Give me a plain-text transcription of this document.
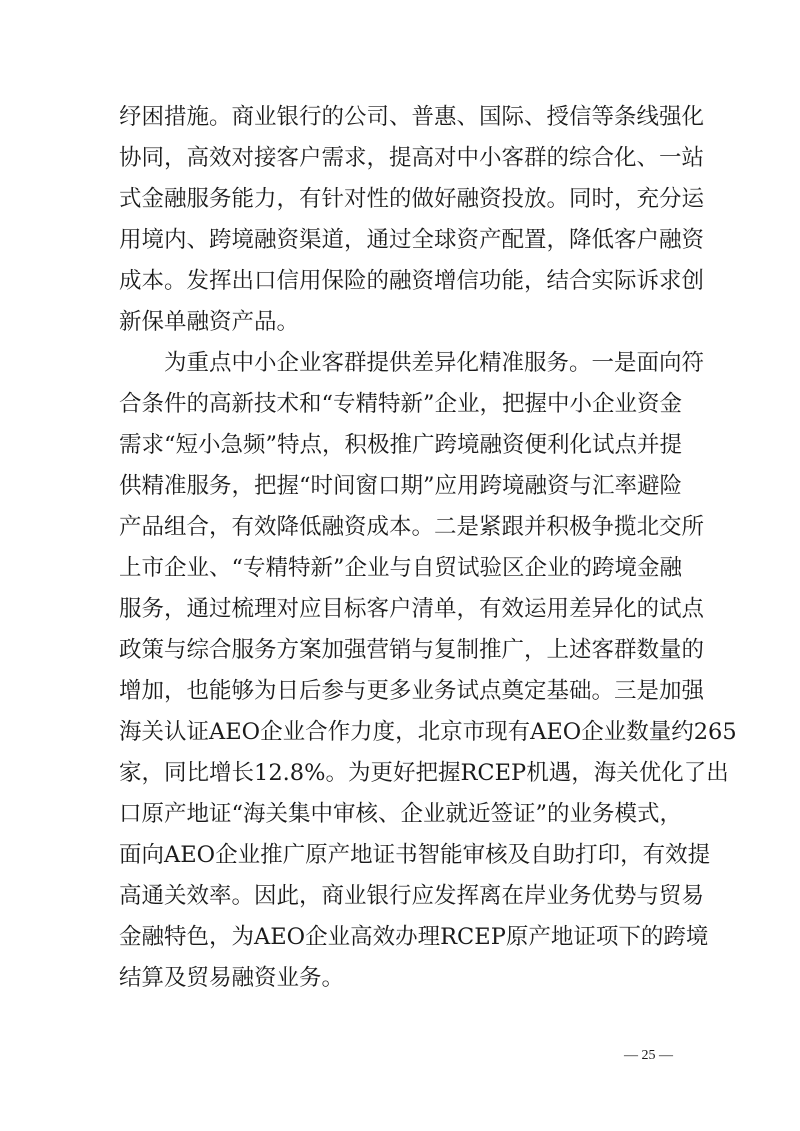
纾困措施。商业银行的公司、普惠、国际、授信等条线强化
协同，高效对接客户需求，提高对中小客群的综合化、一站
式金融服务能力，有针对性的做好融资投放。同时，充分运
用境内、跨境融资渠道，通过全球资产配置，降低客户融资
成本。发挥出口信用保险的融资增信功能，结合实际诉求创
新保单融资产品。
为重点中小企业客群提供差异化精准服务。一是面向符
合条件的高新技术和“专精特新”企业，把握中小企业资金
需求“短小急频”特点，积极推广跨境融资便利化试点并提
供精准服务，把握“时间窗口期”应用跨境融资与汇率避险
产品组合，有效降低融资成本。二是紧跟并积极争揽北交所
上市企业、“专精特新”企业与自贸试验区企业的跨境金融
服务，通过梳理对应目标客户清单，有效运用差异化的试点
政策与综合服务方案加强营销与复制推广，上述客群数量的
增加，也能够为日后参与更多业务试点奠定基础。三是加强
海关认证AEO企业合作力度，北京市现有AEO企业数量约265
家，同比增长12.8%。为更好把握RCEP机遇，海关优化了出
口原产地证“海关集中审核、企业就近签证”的业务模式，
面向AEO企业推广原产地证书智能审核及自助打印，有效提
高通关效率。因此，商业银行应发挥离在岸业务优势与贸易
金融特色，为AEO企业高效办理RCEP原产地证项下的跨境
结算及贸易融资业务。
— 25 —
